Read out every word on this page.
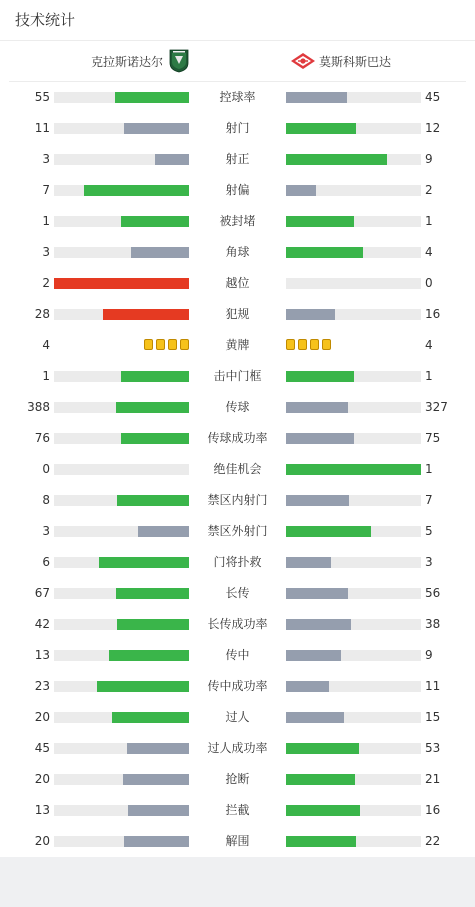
技术统计
克拉斯诺达尔	莫斯科斯巴达
55	控球率	45
11	射门	12
3	射正	9
7	射偏	2
1	被封堵	1
3	角球	4
2	越位	0
28	犯规	16
4	黄牌	4
1	击中门框	1
388	传球	327
76	传球成功率	75
0	绝佳机会	1
8	禁区内射门	7
3	禁区外射门	5
6	门将扑救	3
67	长传	56
42	长传成功率	38
13	传中	9
23	传中成功率	11
20	过人	15
45	过人成功率	53
20	抢断	21
13	拦截	16
20	解围	22
